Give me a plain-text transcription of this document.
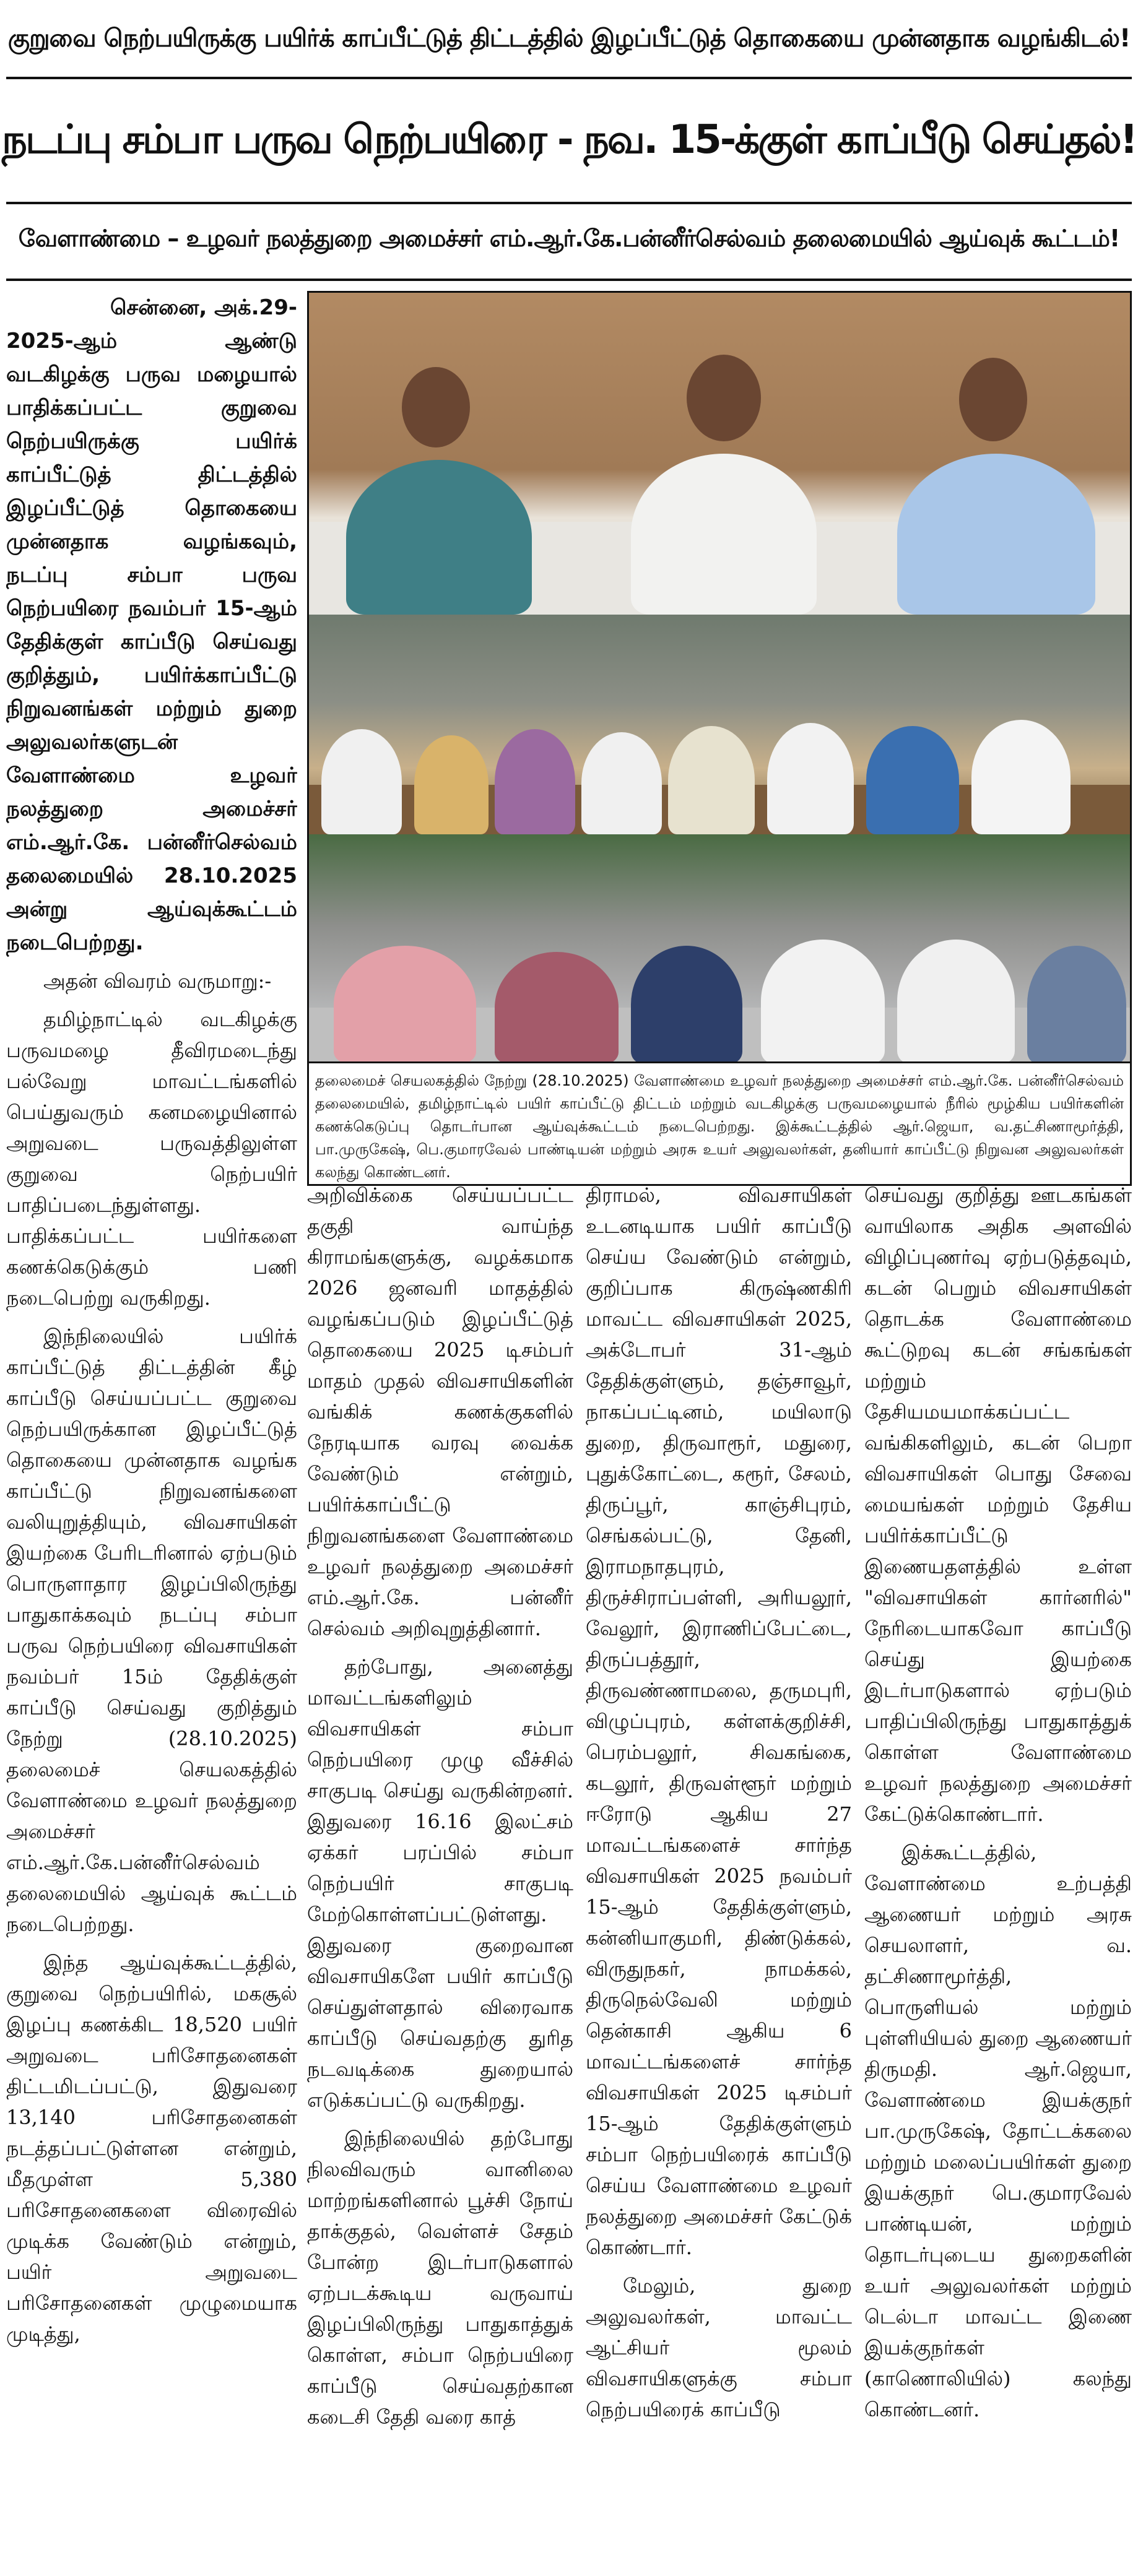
குறுவை நெற்பயிருக்கு பயிர்க் காப்பீட்டுத் திட்டத்தில் இழப்பீட்டுத் தொகையை முன்னதாக வழங்கிடல்!
நடப்பு சம்பா பருவ நெற்பயிரை - நவ. 15-க்குள் காப்பீடு செய்தல்!
வேளாண்மை – உழவர் நலத்துறை அமைச்சர் எம்.ஆர்.கே.பன்னீர்செல்வம் தலைமையில் ஆய்வுக் கூட்டம்!
சென்னை, அக்.29-
2025-ஆம் ஆண்டு வடகிழக்கு பருவ மழையால் பாதிக்கப்பட்ட குறுவை நெற்பயிருக்கு பயிர்க் காப்பீட்டுத் திட்டத்தில் இழப்பீட்டுத் தொகையை முன்னதாக வழங்கவும், நடப்பு சம்பா பருவ நெற்பயிரை நவம்பர் 15-ஆம் தேதிக்குள் காப்பீடு செய்வது குறித்தும், பயிர்க்காப்பீட்டு நிறுவனங்கள் மற்றும் துறை அலுவலர்களுடன் வேளாண்மை உழவர் நலத்துறை அமைச்சர் எம்.ஆர்.கே. பன்னீர்செல்வம் தலைமையில் 28.10.2025 அன்று ஆய்வுக்கூட்டம் நடைபெற்றது.

அதன் விவரம் வருமாறு:-

தமிழ்நாட்டில் வடகிழக்கு பருவமழை தீவிரமடைந்து பல்வேறு மாவட்டங்களில் பெய்துவரும் கனமழையினால் அறுவடை பருவத்திலுள்ள குறுவை நெற்பயிர் பாதிப்படைந்துள்ளது. பாதிக்கப்பட்ட பயிர்களை கணக்கெடுக்கும் பணி நடைபெற்று வருகிறது.

இந்நிலையில் பயிர்க் காப்பீட்டுத் திட்டத்தின் கீழ் காப்பீடு செய்யப்பட்ட குறுவை நெற்பயிருக்கான இழப்பீட்டுத் தொகையை முன்னதாக வழங்க காப்பீட்டு நிறுவனங்களை வலியுறுத்தியும், விவசாயிகள் இயற்கை பேரிடரினால் ஏற்படும் பொருளாதார இழப்பிலிருந்து பாதுகாக்கவும் நடப்பு சம்பா பருவ நெற்பயிரை விவசாயிகள் நவம்பர் 15ம் தேதிக்குள் காப்பீடு செய்வது குறித்தும் நேற்று (28.10.2025) தலைமைச் செயலகத்தில் வேளாண்மை உழவர் நலத்துறை அமைச்சர் எம்.ஆர்.கே.பன்னீர்செல்வம் தலைமையில் ஆய்வுக் கூட்டம் நடைபெற்றது.

இந்த ஆய்வுக்கூட்டத்தில், குறுவை நெற்பயிரில், மகசூல் இழப்பு கணக்கிட 18,520 பயிர் அறுவடை பரிசோதனைகள் திட்டமிடப்பட்டு, இதுவரை 13,140 பரிசோதனைகள் நடத்தப்பட்டுள்ளன என்றும், மீதமுள்ள 5,380 பரிசோதனைகளை விரைவில் முடிக்க வேண்டும் என்றும், பயிர் அறுவடை பரிசோதனைகள் முழுமையாக முடித்து,

தலைமைச் செயலகத்தில் நேற்று (28.10.2025) வேளாண்மை உழவர் நலத்துறை அமைச்சர் எம்.ஆர்.கே. பன்னீர்செல்வம் தலைமையில், தமிழ்நாட்டில் பயிர் காப்பீட்டு திட்டம் மற்றும் வடகிழக்கு பருவமழையால் நீரில் மூழ்கிய பயிர்களின் கணக்கெடுப்பு தொடர்பான ஆய்வுக்கூட்டம் நடைபெற்றது. இக்கூட்டத்தில் ஆர்.ஜெயா, வ.தட்சிணாமூர்த்தி, பா.முருகேஷ், பெ.குமாரவேல் பாண்டியன் மற்றும் அரசு உயர் அலுவலர்கள், தனியார் காப்பீட்டு நிறுவன அலுவலர்கள் கலந்து கொண்டனர்.

அறிவிக்கை செய்யப்பட்ட தகுதி வாய்ந்த கிராமங்களுக்கு, வழக்கமாக 2026 ஜனவரி மாதத்தில் வழங்கப்படும் இழப்பீட்டுத் தொகையை 2025 டிசம்பர் மாதம் முதல் விவசாயிகளின் வங்கிக் கணக்குகளில் நேரடியாக வரவு வைக்க வேண்டும் என்றும், பயிர்க்காப்பீட்டு நிறுவனங்களை வேளாண்மை உழவர் நலத்துறை அமைச்சர் எம்.ஆர்.கே. பன்னீர் செல்வம் அறிவுறுத்தினார்.

தற்போது, அனைத்து மாவட்டங்களிலும் விவசாயிகள் சம்பா நெற்பயிரை முழு வீச்சில் சாகுபடி செய்து வருகின்றனர். இதுவரை 16.16 இலட்சம் ஏக்கர் பரப்பில் சம்பா நெற்பயிர் சாகுபடி மேற்கொள்ளப்பட்டுள்ளது. இதுவரை குறைவான விவசாயிகளே பயிர் காப்பீடு செய்துள்ளதால் விரைவாக காப்பீடு செய்வதற்கு துரித நடவடிக்கை துறையால் எடுக்கப்பட்டு வருகிறது.

இந்நிலையில் தற்போது நிலவிவரும் வானிலை மாற்றங்களினால் பூச்சி நோய் தாக்குதல், வெள்ளச் சேதம் போன்ற இடர்பாடுகளால் ஏற்படக்கூடிய வருவாய் இழப்பிலிருந்து பாதுகாத்துக் கொள்ள, சம்பா நெற்பயிரை காப்பீடு செய்வதற்கான கடைசி தேதி வரை காத்

திராமல், விவசாயிகள் உடனடியாக பயிர் காப்பீடு செய்ய வேண்டும் என்றும், குறிப்பாக கிருஷ்ணகிரி மாவட்ட விவசாயிகள் 2025, அக்டோபர் 31-ஆம் தேதிக்குள்ளும், தஞ்சாவூர், நாகப்பட்டினம், மயிலாடு துறை, திருவாரூர், மதுரை, புதுக்கோட்டை, கரூர், சேலம், திருப்பூர், காஞ்சிபுரம், செங்கல்பட்டு, தேனி, இராமநாதபுரம், திருச்சிராப்பள்ளி, அரியலூர், வேலூர், இராணிப்பேட்டை, திருப்பத்தூர், திருவண்ணாமலை, தருமபுரி, விழுப்புரம், கள்ளக்குறிச்சி, பெரம்பலூர், சிவகங்கை, கடலூர், திருவள்ளூர் மற்றும் ஈரோடு ஆகிய 27 மாவட்டங்களைச் சார்ந்த விவசாயிகள் 2025 நவம்பர் 15-ஆம் தேதிக்குள்ளும், கன்னியாகுமரி, திண்டுக்கல், விருதுநகர், நாமக்கல், திருநெல்வேலி மற்றும் தென்காசி ஆகிய 6 மாவட்டங்களைச் சார்ந்த விவசாயிகள் 2025 டிசம்பர் 15-ஆம் தேதிக்குள்ளும் சம்பா நெற்பயிரைக் காப்பீடு செய்ய வேளாண்மை உழவர் நலத்துறை அமைச்சர் கேட்டுக் கொண்டார்.

மேலும், துறை அலுவலர்கள், மாவட்ட ஆட்சியர் மூலம் விவசாயிகளுக்கு சம்பா நெற்பயிரைக் காப்பீடு

செய்வது குறித்து ஊடகங்கள் வாயிலாக அதிக அளவில் விழிப்புணர்வு ஏற்படுத்தவும், கடன் பெறும் விவசாயிகள் தொடக்க வேளாண்மை கூட்டுறவு கடன் சங்கங்கள் மற்றும் தேசியமயமாக்கப்பட்ட வங்கிகளிலும், கடன் பெறா விவசாயிகள் பொது சேவை மையங்கள் மற்றும் தேசிய பயிர்க்காப்பீட்டு இணையதளத்தில் உள்ள "விவசாயிகள் கார்னரில்" நேரிடையாகவோ காப்பீடு செய்து இயற்கை இடர்பாடுகளால் ஏற்படும் பாதிப்பிலிருந்து பாதுகாத்துக் கொள்ள வேளாண்மை உழவர் நலத்துறை அமைச்சர் கேட்டுக்கொண்டார்.

இக்கூட்டத்தில், வேளாண்மை உற்பத்தி ஆணையர் மற்றும் அரசு செயலாளர், வ. தட்சிணாமூர்த்தி, பொருளியல் மற்றும் புள்ளியியல் துறை ஆணையர் திருமதி. ஆர்.ஜெயா, வேளாண்மை இயக்குநர் பா.முருகேஷ், தோட்டக்கலை மற்றும் மலைப்பயிர்கள் துறை இயக்குநர் பெ.குமாரவேல் பாண்டியன், மற்றும் தொடர்புடைய துறைகளின் உயர் அலுவலர்கள் மற்றும் டெல்டா மாவட்ட இணை இயக்குநர்கள் (காணொலியில்) கலந்து கொண்டனர்.
